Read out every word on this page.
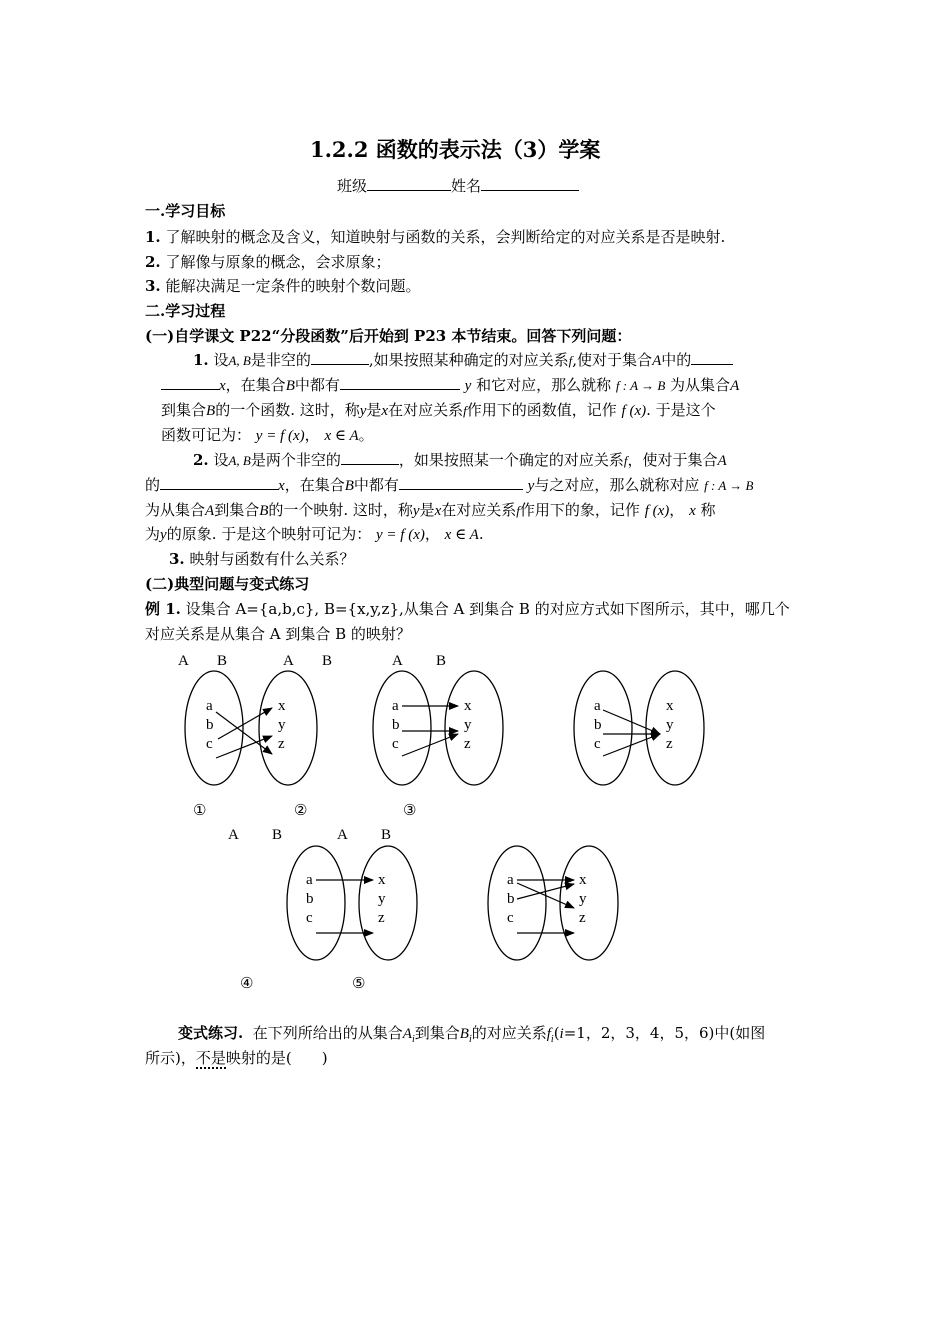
1.2.2 函数的表示法（3）学案
班级	姓名
一.学习目标
1. 了解映射的概念及含义，知道映射与函数的关系，会判断给定的对应关系是否是映射.
2. 了解像与原象的概念，会求原象；
3. 能解决满足一定条件的映射个数问题。
二.学习过程
(一)自学课文 P22“分段函数”后开始到 P23 本节结束。回答下列问题：
1. 设A, B是非空的	,如果按照某种确定的对应关系f,使对于集合A中的
x，在集合B中都有	y 和它对应，那么就称 f : A → B 为从集合A
到集合B的一个函数. 这时，称y是x在对应关系f作用下的函数值，记作 f (x). 于是这个
函数可记为： y = f (x)， x ∈ A。
2. 设A, B是两个非空的	，如果按照某一个确定的对应关系f，使对于集合A
的	x，在集合B中都有	y与之对应，那么就称对应 f : A → B
为从集合A到集合B的一个映射. 这时，称y是x在对应关系f作用下的象，记作 f (x)， x 称
为y的原象. 于是这个映射可记为： y = f (x)， x ∈ A.
3. 映射与函数有什么关系？
(二)典型问题与变式练习
例 1. 设集合 A={a,b,c}, B={x,y,z},从集合 A 到集合 B 的对应方式如下图所示，其中，哪几个
对应关系是从集合 A 到集合 B 的映射？
A B	A B	A B
a
b
c
x
y
z
a
b
c
x
y
z
a
b
c
x
y
z
①	②	③
A B	A B
a
b
c
x
y
z
a
b
c
x
y
z
④	⑤
变式练习. 在下列所给出的从集合$A_i$到集合$B_i$的对应关系$f_i(i=1$，2，3，4，5，6)中(如图
所示)，不是映射的是(　　)
